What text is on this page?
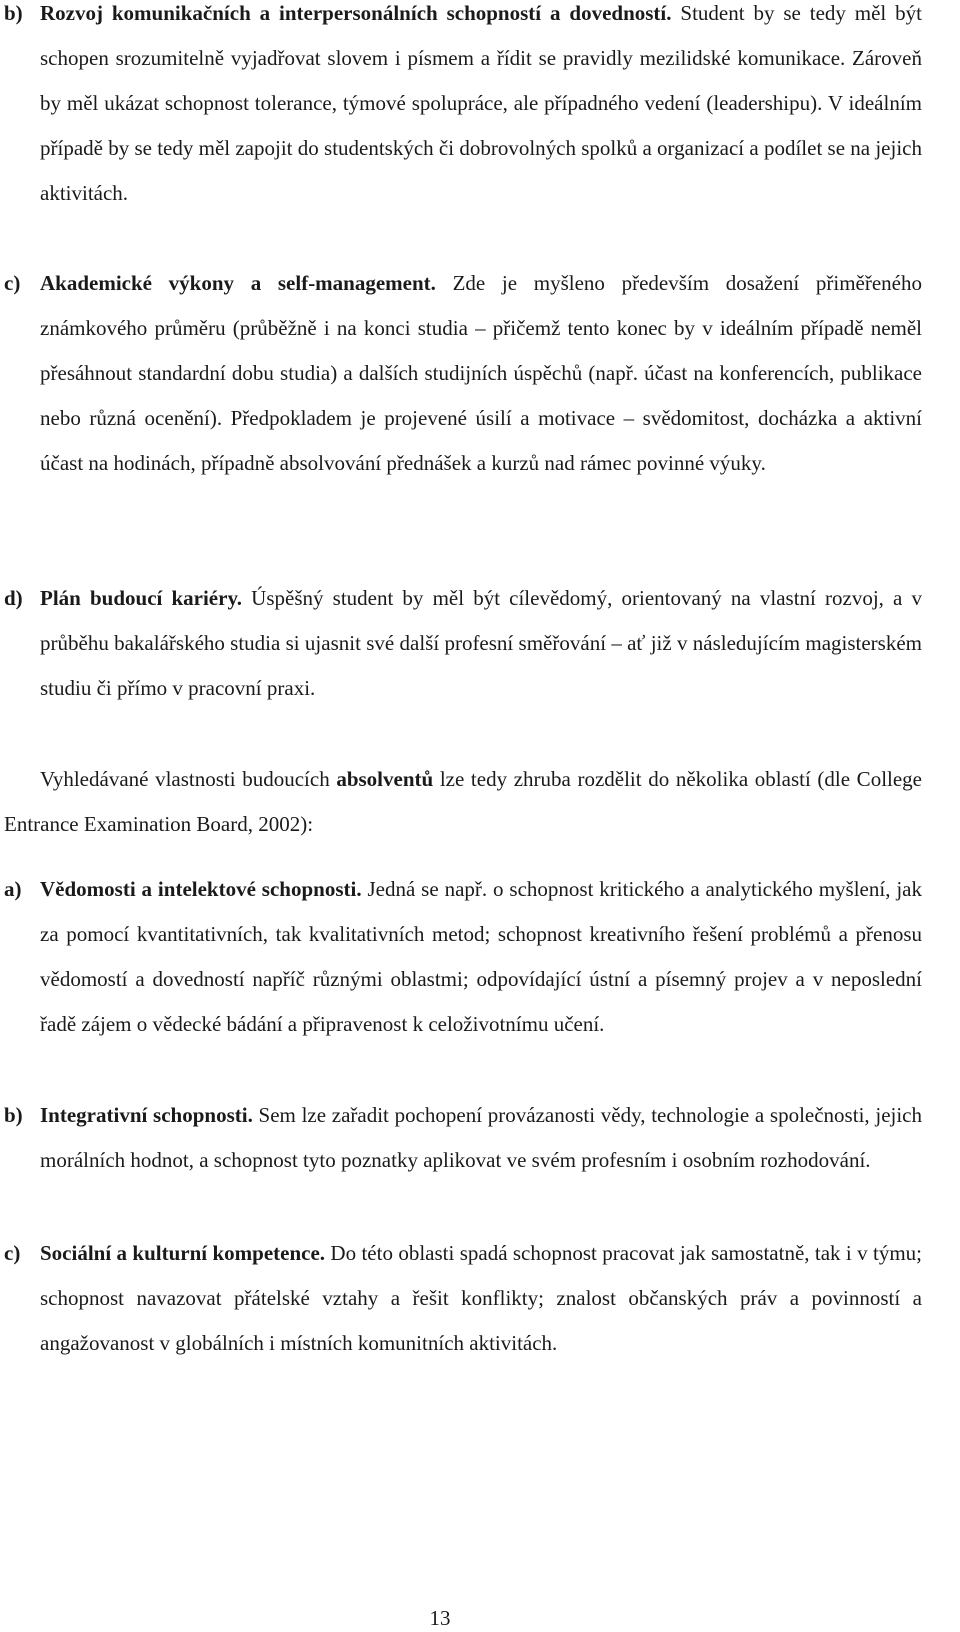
b) Rozvoj komunikačních a interpersonálních schopností a dovedností. Student by se tedy měl být schopen srozumitelně vyjadřovat slovem i písmem a řídit se pravidly mezilidské komunikace. Zároveň by měl ukázat schopnost tolerance, týmové spolupráce, ale případného vedení (leadershipu). V ideálním případě by se tedy měl zapojit do studentských či dobrovolných spolků a organizací a podílet se na jejich aktivitách.
c) Akademické výkony a self-management. Zde je myšleno především dosažení přiměřeného známkového průměru (průběžně i na konci studia – přičemž tento konec by v ideálním případě neměl přesáhnout standardní dobu studia) a dalších studijních úspěchů (např. účast na konferencích, publikace nebo různá ocenění). Předpokladem je projevené úsilí a motivace – svědomitost, docházka a aktivní účast na hodinách, případně absolvování přednášek a kurzů nad rámec povinné výuky.
d) Plán budoucí kariéry. Úspěšný student by měl být cílevědomý, orientovaný na vlastní rozvoj, a v průběhu bakalářského studia si ujasnit své další profesní směřování – ať již v následujícím magisterském studiu či přímo v pracovní praxi.
Vyhledávané vlastnosti budoucích absolventů lze tedy zhruba rozdělit do několika oblastí (dle College Entrance Examination Board, 2002):
a) Vědomosti a intelektové schopnosti. Jedná se např. o schopnost kritického a analytického myšlení, jak za pomocí kvantitativních, tak kvalitativních metod; schopnost kreativního řešení problémů a přenosu vědomostí a dovedností napříč různými oblastmi; odpovídající ústní a písemný projev a v neposlední řadě zájem o vědecké bádání a připravenost k celoživotnímu učení.
b) Integrativní schopnosti. Sem lze zařadit pochopení provázanosti vědy, technologie a společnosti, jejich morálních hodnot, a schopnost tyto poznatky aplikovat ve svém profesním i osobním rozhodování.
c) Sociální a kulturní kompetence. Do této oblasti spadá schopnost pracovat jak samostatně, tak i v týmu; schopnost navazovat přátelské vztahy a řešit konflikty; znalost občanských práv a povinností a angažovanost v globálních i místních komunitních aktivitách.
13
